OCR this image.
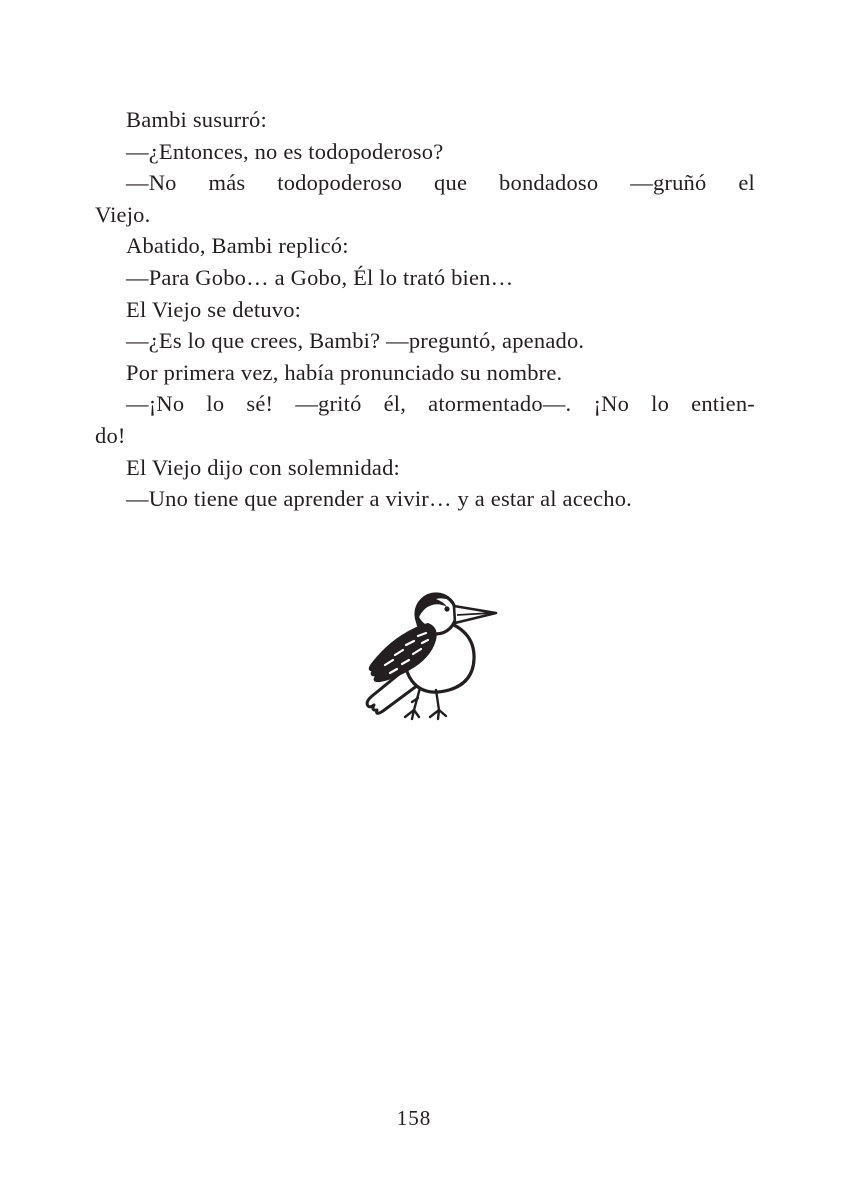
Bambi susurró:
—¿Entonces, no es todopoderoso?
—No más todopoderoso que bondadoso —gruñó el
Viejo.
Abatido, Bambi replicó:
—Para Gobo… a Gobo, Él lo trató bien…
El Viejo se detuvo:
—¿Es lo que crees, Bambi? —preguntó, apenado.
Por primera vez, había pronunciado su nombre.
—¡No lo sé! —gritó él, atormentado—. ¡No lo entien-
do!
El Viejo dijo con solemnidad:
—Uno tiene que aprender a vivir… y a estar al acecho.
158
